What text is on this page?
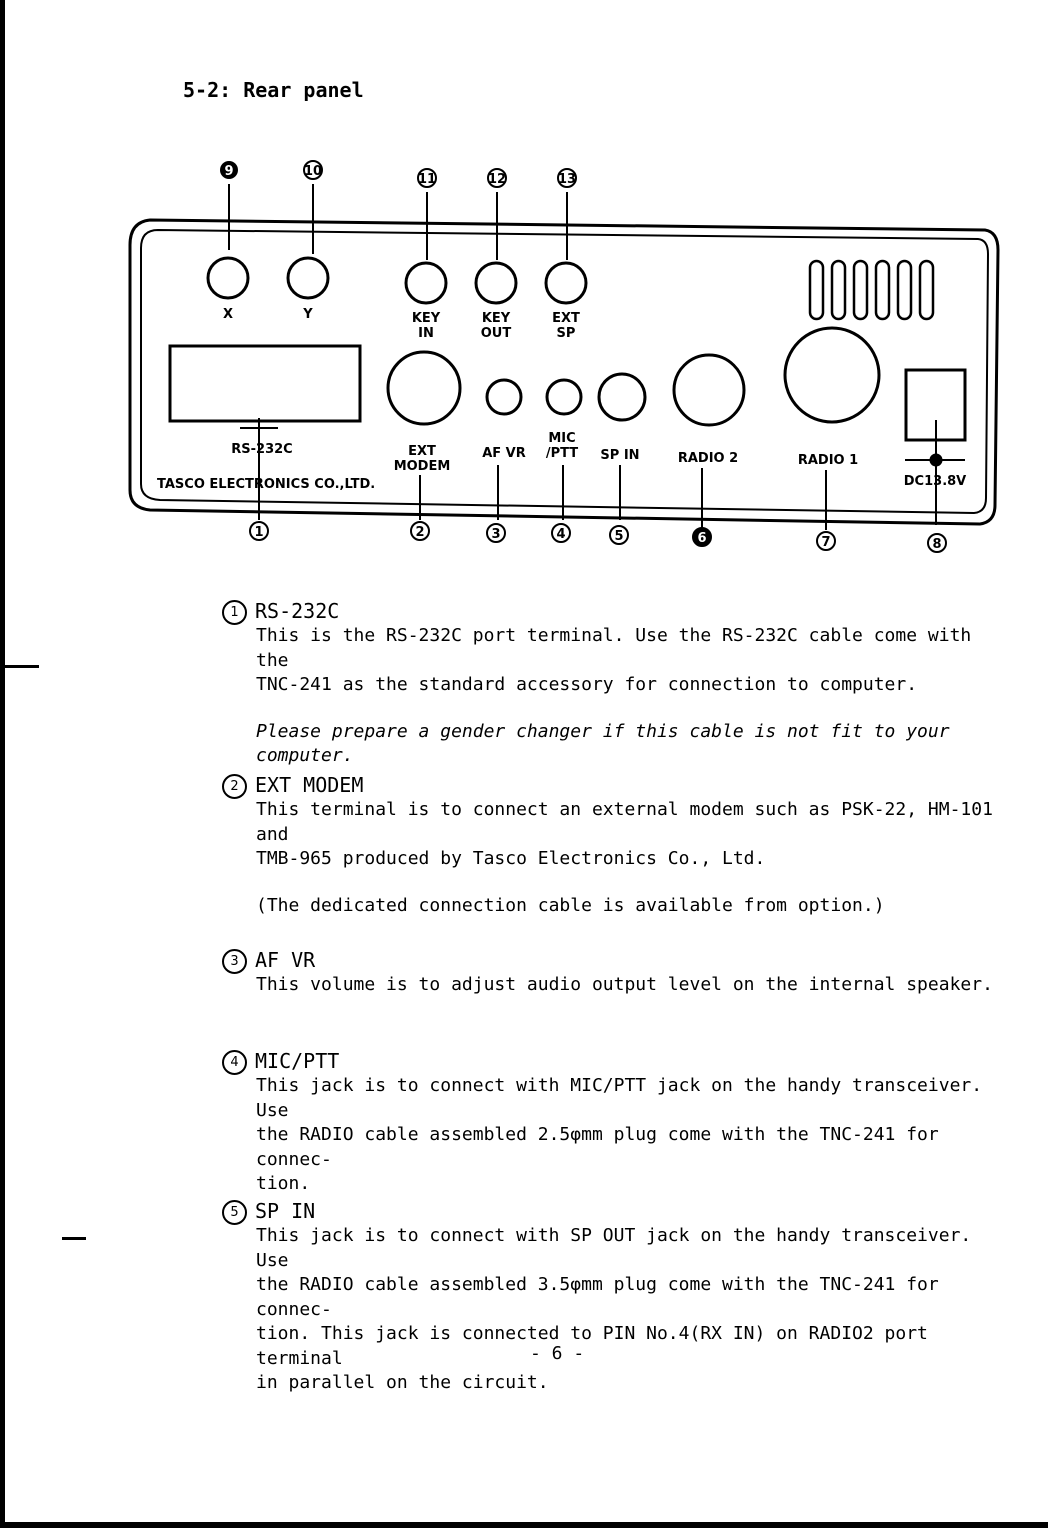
5-2: Rear panel
9	10
11	12	13
X	Y	KEY
IN
KEY
OUT
EXT
SP
RS-232C
TASCO ELECTRONICS CO.,LTD.
EXT
MODEM
AF VR
MIC
/PTT SP IN	RADIO 2	RADIO 1
DC13.8V
1	2	3	4	5	6	7	8
1 RS-232C

This is the RS-232C port terminal. Use the RS-232C cable come with the
TNC-241 as the standard accessory for connection to computer.

Please prepare a gender changer if this cable is not fit to your computer.

2 EXT MODEM

This terminal is to connect an external modem such as PSK-22, HM-101 and
TMB-965 produced by Tasco Electronics Co., Ltd.

(The dedicated connection cable is available from option.)

3 AF VR

This volume is to adjust audio output level on the internal speaker.

4 MIC/PTT

This jack is to connect with MIC/PTT jack on the handy transceiver. Use
the RADIO cable assembled 2.5φmm plug come with the TNC-241 for connec-
tion.

5 SP IN

This jack is to connect with SP OUT jack on the handy transceiver. Use
the RADIO cable assembled 3.5φmm plug come with the TNC-241 for connec-
tion. This jack is connected to PIN No.4(RX IN) on RADIO2 port terminal
in parallel on the circuit.

- 6 -
